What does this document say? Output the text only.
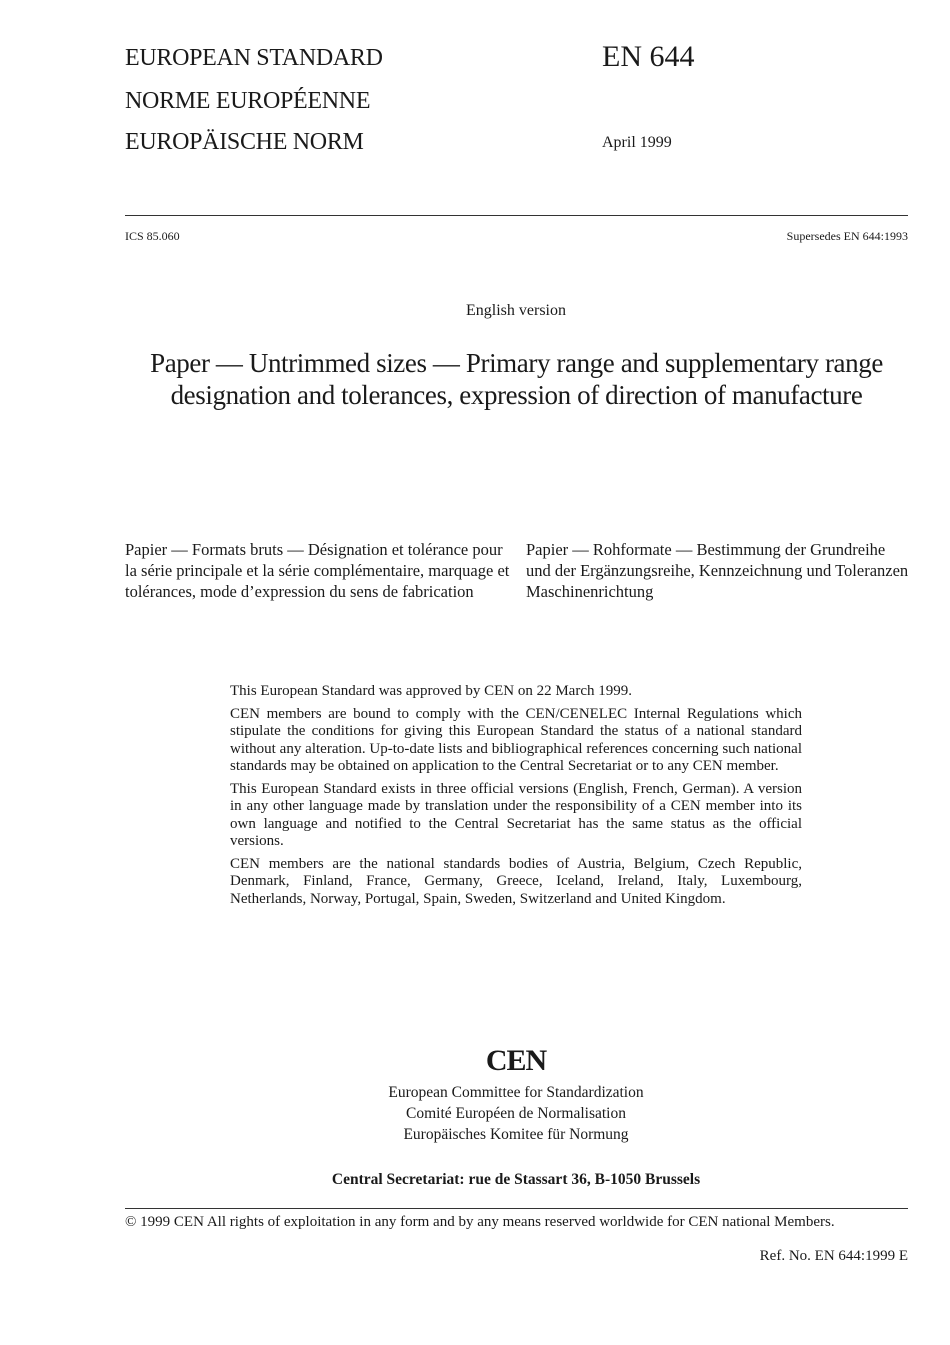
EUROPEAN STANDARD
NORME EUROPÉENNE
EUROPÄISCHE NORM
EN 644
April 1999
ICS 85.060	Supersedes EN 644:1993
English version
Paper — Untrimmed sizes — Primary range and supplementary range designation and tolerances, expression of direction of manufacture
Papier — Formats bruts — Désignation et tolérance pour la série principale et la série complémentaire, marquage et tolérances, mode d’expression du sens de fabrication
Papier — Rohformate — Bestimmung der Grundreihe und der Ergänzungsreihe, Kennzeichnung und Toleranzen Maschinenrichtung

This European Standard was approved by CEN on 22 March 1999.

CEN members are bound to comply with the CEN/CENELEC Internal Regulations which stipulate the conditions for giving this European Standard the status of a national standard without any alteration. Up-to-date lists and bibliographical references concerning such national standards may be obtained on application to the Central Secretariat or to any CEN member.

This European Standard exists in three official versions (English, French, German). A version in any other language made by translation under the responsibility of a CEN member into its own language and notified to the Central Secretariat has the same status as the official versions.

CEN members are the national standards bodies of Austria, Belgium, Czech Republic, Denmark, Finland, France, Germany, Greece, Iceland, Ireland, Italy, Luxembourg, Netherlands, Norway, Portugal, Spain, Sweden, Switzerland and United Kingdom.

CEN
European Committee for Standardization
Comité Européen de Normalisation
Europäisches Komitee für Normung
Central Secretariat: rue de Stassart 36, B-1050 Brussels
© 1999 CEN All rights of exploitation in any form and by any means reserved worldwide for CEN national Members.
Ref. No. EN 644:1999 E
